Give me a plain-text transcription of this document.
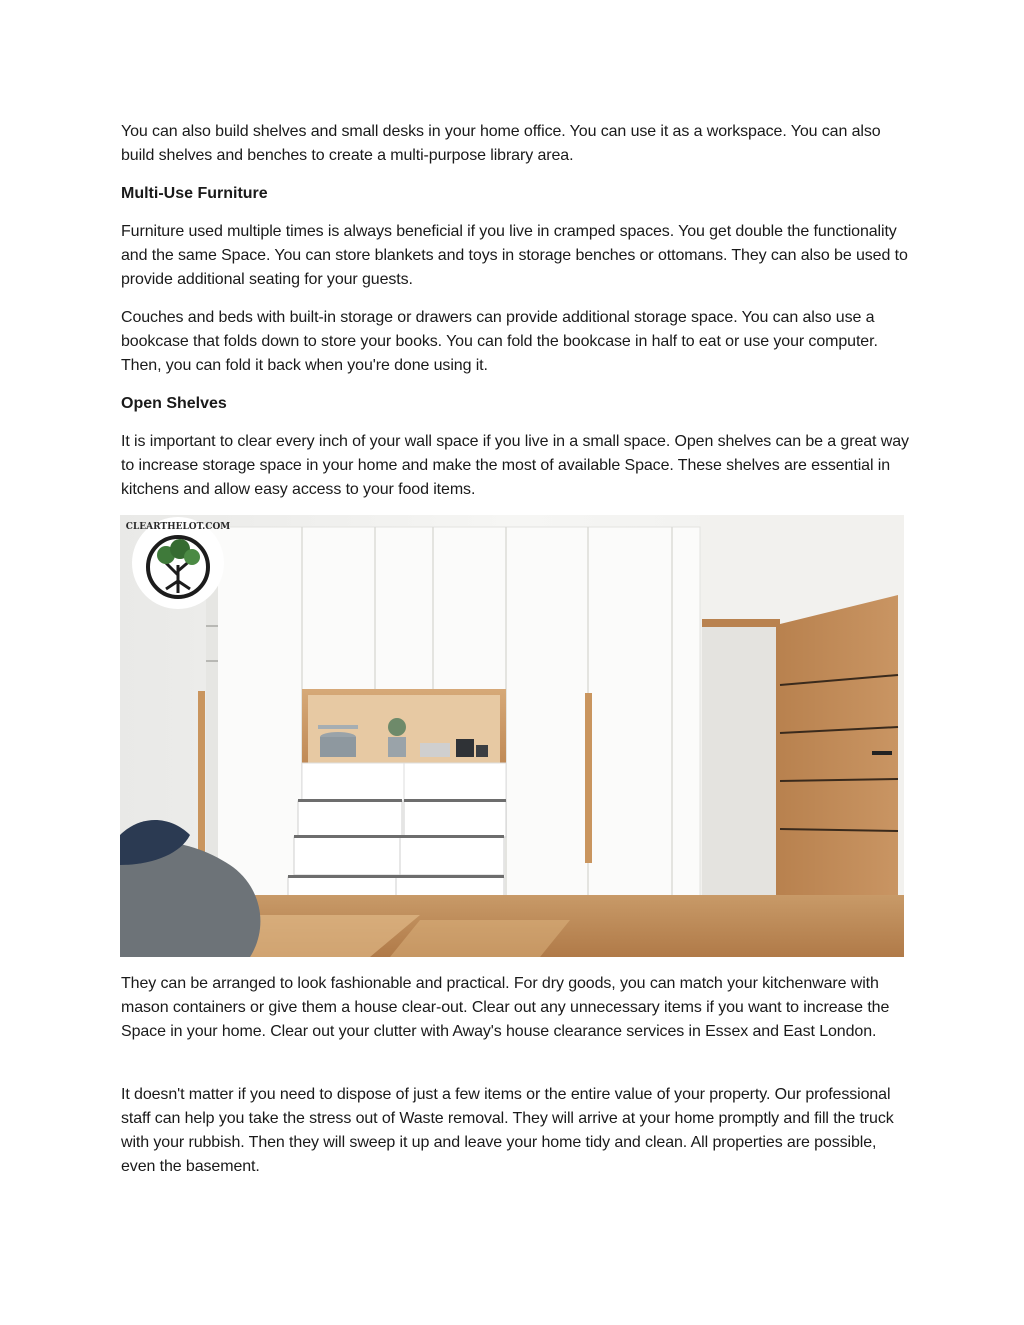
You can also build shelves and small desks in your home office. You can use it as a workspace. You can also build shelves and benches to create a multi-purpose library area.

Multi-Use Furniture

Furniture used multiple times is always beneficial if you live in cramped spaces. You get double the functionality and the same Space. You can store blankets and toys in storage benches or ottomans. They can also be used to provide additional seating for your guests.

Couches and beds with built-in storage or drawers can provide additional storage space. You can also use a bookcase that folds down to store your books. You can fold the bookcase in half to eat or use your computer. Then, you can fold it back when you're done using it.

Open Shelves

It is important to clear every inch of your wall space if you live in a small space. Open shelves can be a great way to increase storage space in your home and make the most of available Space. These shelves are essential in kitchens and allow easy access to your food items.

CLEARTHELOT.COM

They can be arranged to look fashionable and practical. For dry goods, you can match your kitchenware with mason containers or give them a house clear-out. Clear out any unnecessary items if you want to increase the Space in your home. Clear out your clutter with Away's house clearance services in Essex and East London.

It doesn't matter if you need to dispose of just a few items or the entire value of your property. Our professional staff can help you take the stress out of Waste removal. They will arrive at your home promptly and fill the truck with your rubbish. Then they will sweep it up and leave your home tidy and clean. All properties are possible, even the basement.
